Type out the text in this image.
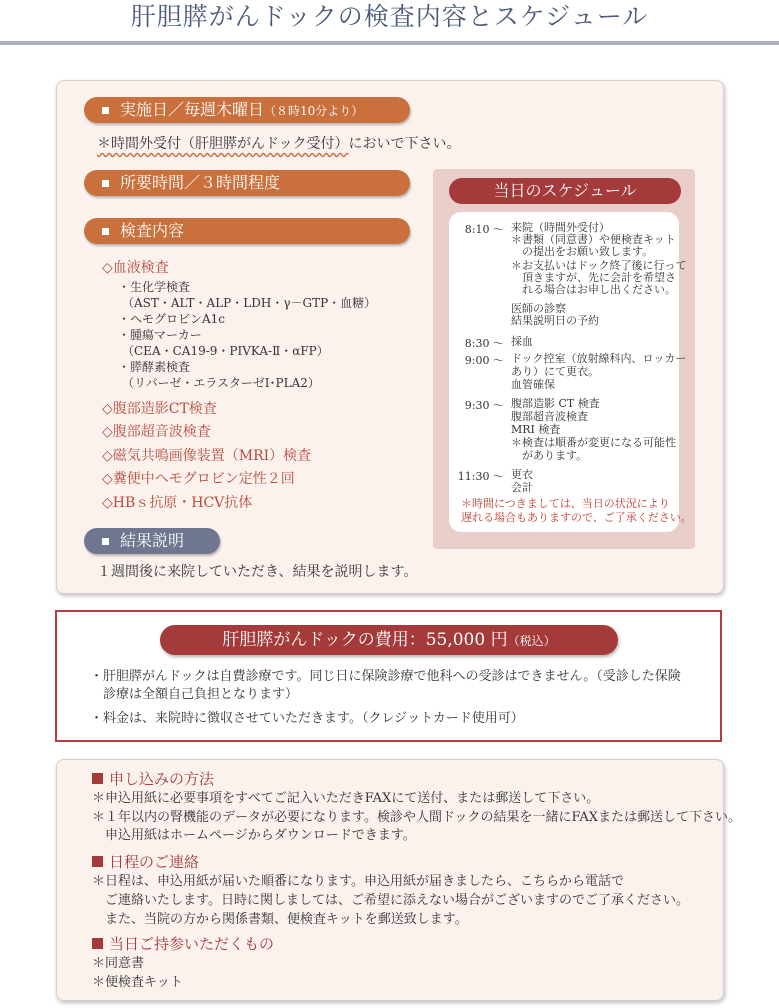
肝胆膵がんドックの検査内容とスケジュール
実施日／毎週木曜日（８時10分より）
＊時間外受付（肝胆膵がんドック受付）においで下さい。
所要時間／３時間程度
検査内容
◇血液検査
・生化学検査
（AST・ALT・ALP・LDH・γ－GTP・血糖）
・ヘモグロビンA1c
・腫瘍マーカー
（CEA・CA19-9・PIVKA-Ⅱ・αFP）
・膵酵素検査
（リパーゼ・エラスターゼⅠ･PLA2）
◇腹部造影CT検査
◇腹部超音波検査
◇磁気共鳴画像装置（MRI）検査
◇糞便中ヘモグロビン定性２回
◇HBｓ抗原・HCV抗体
結果説明
１週間後に来院していただき、結果を説明します。
当日のスケジュール
8:10 〜 来院（時間外受付）
＊書類（同意書）や便検査キット
　の提出をお願い致します。
＊お支払いはドック終了後に行って
　頂きますが、先に会計を希望さ
　れる場合はお申し出ください。
医師の診察
結果説明日の予約
8:30 〜 採血
9:00 〜 ドック控室（放射線科内、ロッカー
あり）にて更衣。
血管確保
9:30 〜 腹部造影 CT 検査
腹部超音波検査
MRI 検査
＊検査は順番が変更になる可能性
　があります。
11:30 〜 更衣
会計
＊時間につきましては、当日の状況により
遅れる場合もありますので、ご了承ください。
肝胆膵がんドックの費用：55,000 円（税込）
・肝胆膵がんドックは自費診療です。同じ日に保険診療で他科への受診はできません。（受診した保険
　診療は全額自己負担となります）
・料金は、来院時に徴収させていただきます。（クレジットカード使用可）
申し込みの方法
＊申込用紙に必要事項をすべてご記入いただきFAXにて送付、または郵送して下さい。
＊１年以内の腎機能のデータが必要になります。検診や人間ドックの結果を一緒にFAXまたは郵送して下さい。
　申込用紙はホームページからダウンロードできます。
日程のご連絡
＊日程は、申込用紙が届いた順番になります。申込用紙が届きましたら、こちらから電話で
　ご連絡いたします。日時に関しましては、ご希望に添えない場合がございますのでご了承ください。
　また、当院の方から関係書類、便検査キットを郵送致します。
当日ご持参いただくもの
＊同意書
＊便検査キット
